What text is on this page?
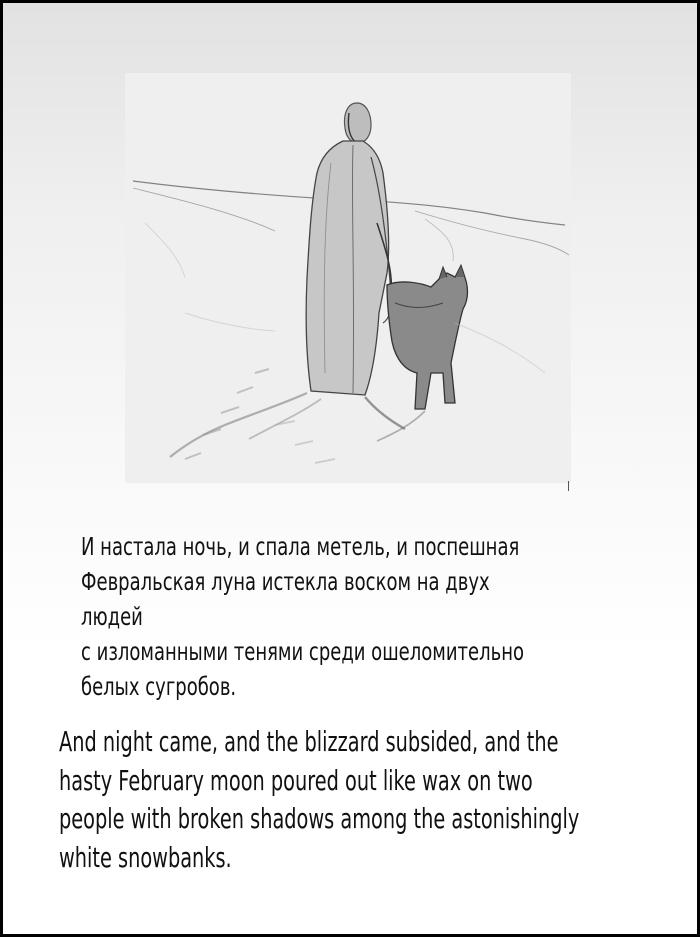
И настала ночь, и спала метель, и поспешная
Февральская луна истекла воском на двух людей
с изломанными тенями среди ошеломительно
белых сугробов.

And night came, and the blizzard subsided, and the
hasty February moon poured out like wax on two
people with broken shadows among the astonishingly
white snowbanks.
